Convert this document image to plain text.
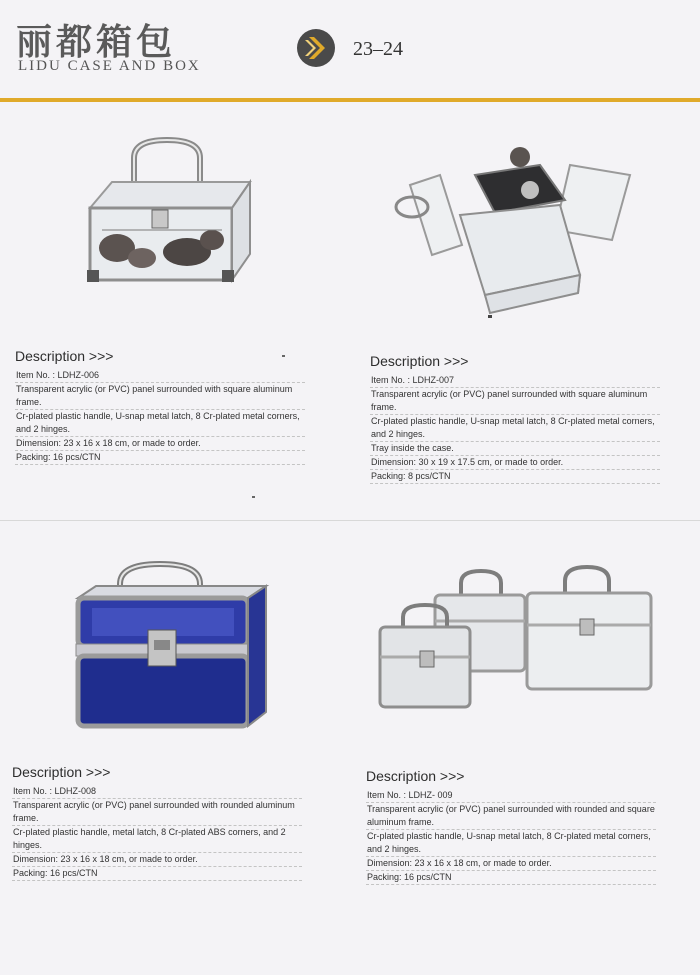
丽都箱包
LIDU CASE AND BOX
23–24
Description >>>
Item No. : LDHZ-006
Transparent acrylic (or PVC) panel surrounded with square aluminum frame.
Cr-plated plastic handle, U-snap metal latch, 8 Cr-plated metal corners, and 2 hinges.
Dimension: 23 x 16 x 18 cm, or made to order.
Packing: 16 pcs/CTN
Description >>>
Item No. : LDHZ-007
Transparent acrylic (or PVC) panel surrounded with square aluminum frame.
Cr-plated plastic handle, U-snap metal latch, 8 Cr-plated metal corners, and 2 hinges.
Tray inside the case.
Dimension: 30 x 19 x 17.5 cm, or made to order.
Packing: 8 pcs/CTN
Description >>>
Item No. : LDHZ-008
Transparent acrylic (or PVC) panel surrounded with rounded aluminum frame.
Cr-plated plastic handle, metal latch, 8 Cr-plated ABS corners, and 2 hinges.
Dimension: 23 x 16 x 18 cm, or made to order.
Packing: 16 pcs/CTN
Description >>>
Item No. : LDHZ- 009
Transparent acrylic (or PVC) panel surrounded with rounded and square aluminum frame.
Cr-plated plastic handle, U-snap metal latch, 8 Cr-plated metal corners, and 2 hinges.
Dimension: 23 x 16 x 18 cm, or made to order.
Packing: 16 pcs/CTN
